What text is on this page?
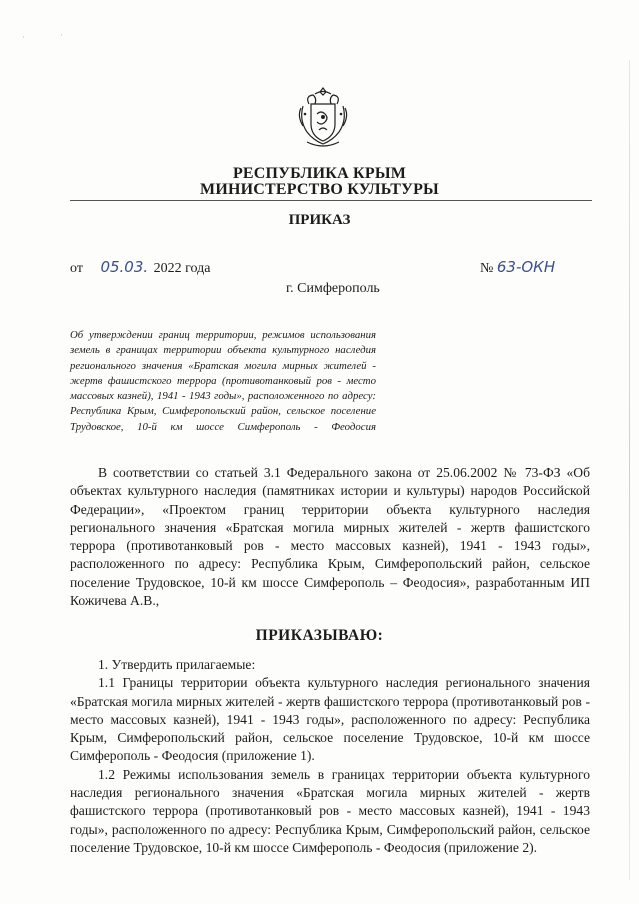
·	·
РЕСПУБЛИКА КРЫМ
МИНИСТЕРСТВО КУЛЬТУРЫ
ПРИКАЗ
от 05.03. 2022 года	№ 63-ОКН
г. Симферополь
Об утверждении границ территории, режимов использования земель в границах территории объекта культурного наследия регионального значения «Братская могила мирных жителей - жертв фашистского террора (противотанковый ров - место массовых казней), 1941 - 1943 годы», расположенного по адресу: Республика Крым, Симферопольский район, сельское поселение Трудовское, 10-й км шоссе Симферополь - Феодосия

В соответствии со статьей 3.1 Федерального закона от 25.06.2002 № 73-ФЗ «Об объектах культурного наследия (памятниках истории и культуры) народов Российской Федерации», «Проектом границ территории объекта культурного наследия регионального значения «Братская могила мирных жителей - жертв фашистского террора (противотанковый ров - место массовых казней), 1941 - 1943 годы», расположенного по адресу: Республика Крым, Симферопольский район, сельское поселение Трудовское, 10-й км шоссе Симферополь – Феодосия», разработанным ИП Кожичева А.В.,

ПРИКАЗЫВАЮ:

1. Утвердить прилагаемые:

1.1 Границы территории объекта культурного наследия регионального значения «Братская могила мирных жителей - жертв фашистского террора (противотанковый ров - место массовых казней), 1941 - 1943 годы», расположенного по адресу: Республика Крым, Симферопольский район, сельское поселение Трудовское, 10-й км шоссе Симферополь - Феодосия (приложение 1).

1.2 Режимы использования земель в границах территории объекта культурного наследия регионального значения «Братская могила мирных жителей - жертв фашистского террора (противотанковый ров - место массовых казней), 1941 - 1943 годы», расположенного по адресу: Республика Крым, Симферопольский район, сельское поселение Трудовское, 10-й км шоссе Симферополь - Феодосия (приложение 2).
